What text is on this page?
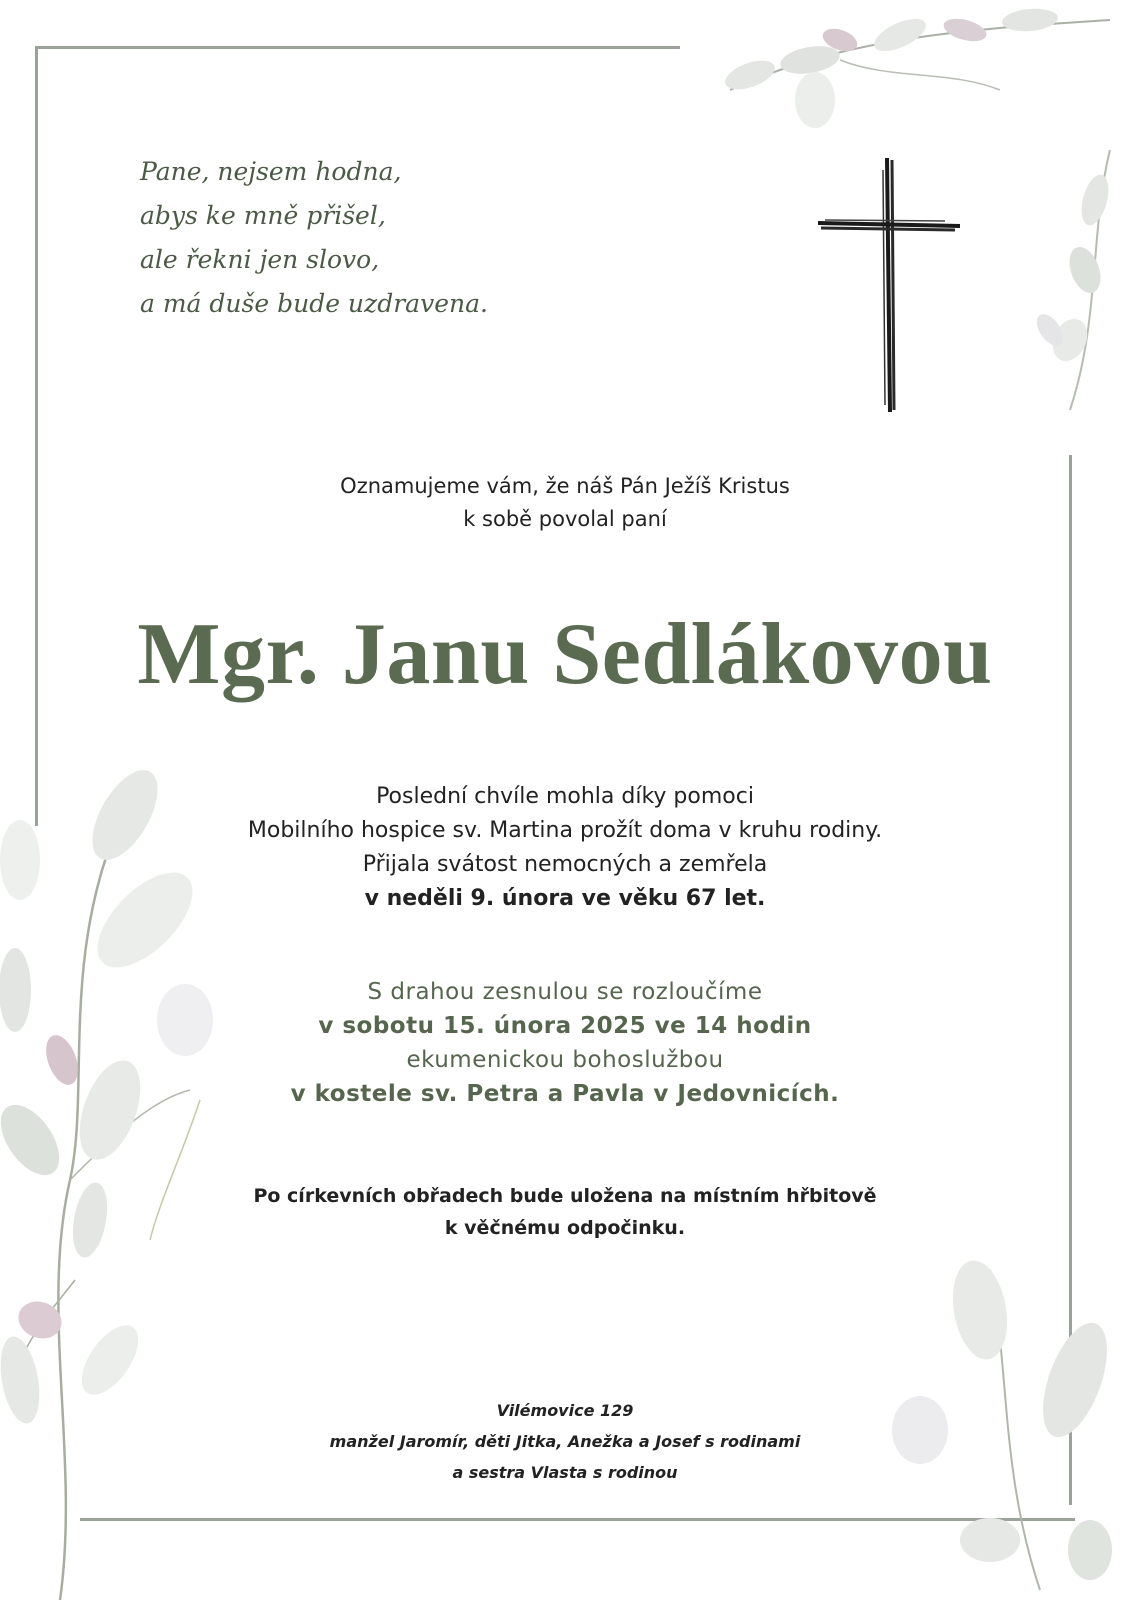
Pane, nejsem hodna,
abys ke mně přišel,
ale řekni jen slovo,
a má duše bude uzdravena.
Oznamujeme vám, že náš Pán Ježíš Kristus
k sobě povolal paní
Mgr. Janu Sedlákovou
Poslední chvíle mohla díky pomoci
Mobilního hospice sv. Martina prožít doma v kruhu rodiny.
Přijala svátost nemocných a zemřela
v neděli 9. února ve věku 67 let.
S drahou zesnulou se rozloučíme
v sobotu 15. února 2025 ve 14 hodin
ekumenickou bohoslužbou
v kostele sv. Petra a Pavla v Jedovnicích.
Po církevních obřadech bude uložena na místním hřbitově
k věčnému odpočinku.
Vilémovice 129
manžel Jaromír, děti Jitka, Anežka a Josef s rodinami
a sestra Vlasta s rodinou
